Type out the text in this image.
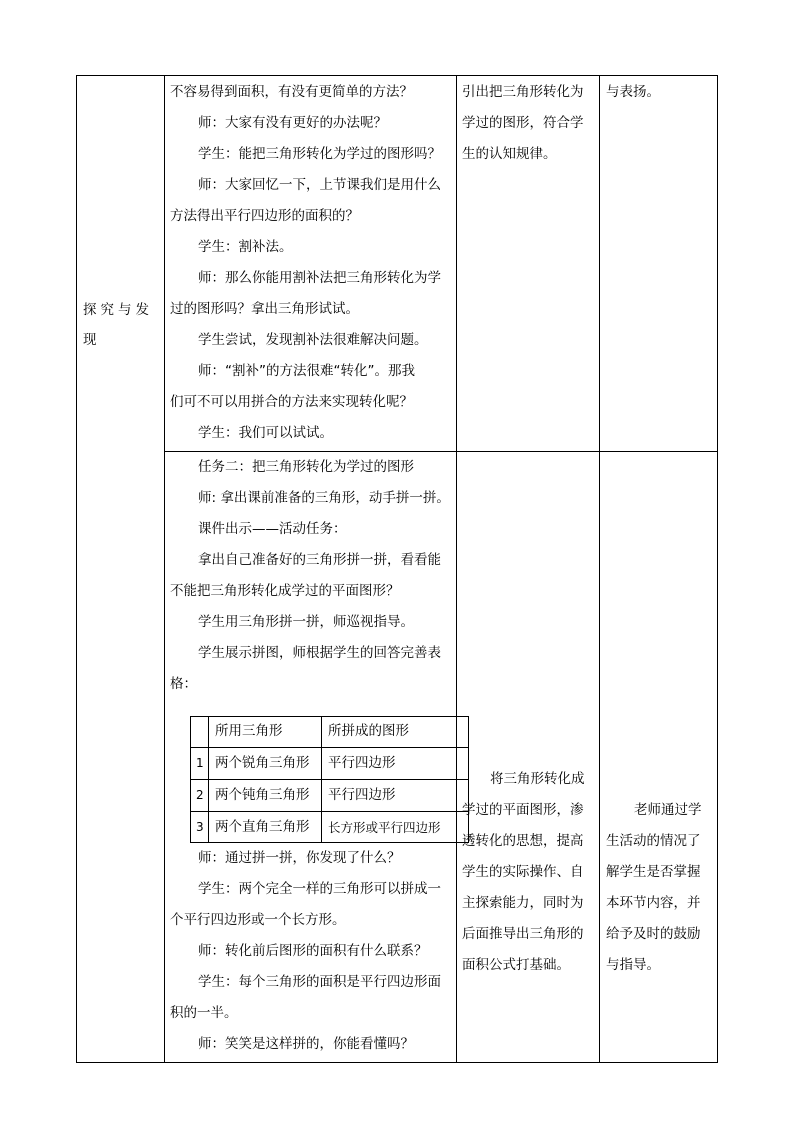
探究与发现
不容易得到面积，有没有更简单的方法？
师：大家有没有更好的办法呢？
学生：能把三角形转化为学过的图形吗？
师：大家回忆一下，上节课我们是用什么
方法得出平行四边形的面积的？
学生：割补法。
师：那么你能用割补法把三角形转化为学
过的图形吗？拿出三角形试试。
学生尝试，发现割补法很难解决问题。
师：“割补”的方法很难“转化”。那我
们可不可以用拼合的方法来实现转化呢？
学生：我们可以试试。
引出把三角形转化为
学过的图形，符合学
生的认知规律。
与表扬。
任务二：把三角形转化为学过的图形
师: 拿出课前准备的三角形，动手拼一拼。
课件出示——活动任务：
拿出自己准备好的三角形拼一拼，看看能
不能把三角形转化成学过的平面图形？
学生用三角形拼一拼，师巡视指导。
学生展示拼图，师根据学生的回答完善表
格：
所用三角形	所拼成的图形
1 两个锐角三角形 平行四边形
2 两个钝角三角形 平行四边形
3 两个直角三角形 长方形或平行四边形
师：通过拼一拼，你发现了什么？
学生：两个完全一样的三角形可以拼成一
个平行四边形或一个长方形。
师：转化前后图形的面积有什么联系？
学生：每个三角形的面积是平行四边形面
积的一半。
师：笑笑是这样拼的，你能看懂吗？
将三角形转化成
学过的平面图形，渗
透转化的思想，提高
学生的实际操作、自
主探索能力，同时为
后面推导出三角形的
面积公式打基础。
老师通过学
生活动的情况了
解学生是否掌握
本环节内容，并
给予及时的鼓励
与指导。
